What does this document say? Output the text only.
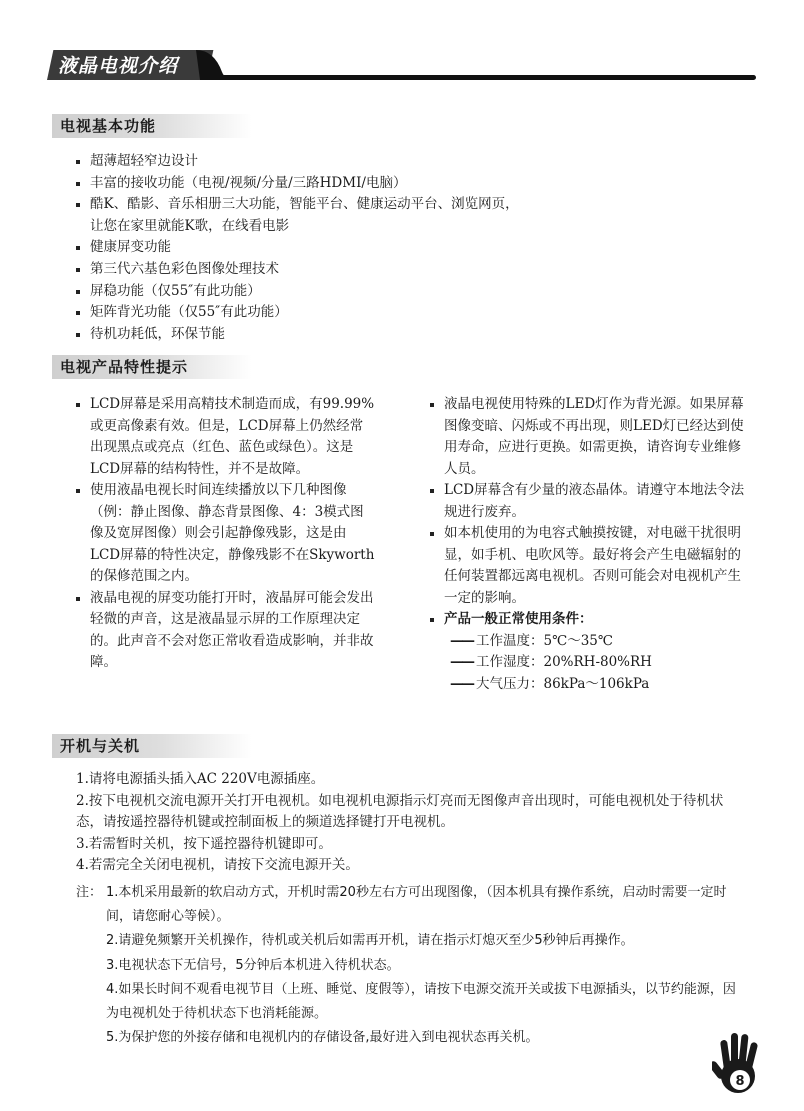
液晶电视介绍
电视基本功能
超薄超轻窄边设计
丰富的接收功能（电视/视频/分量/三路HDMI/电脑）
酷K、酷影、音乐相册三大功能，智能平台、健康运动平台、浏览网页，
让您在家里就能K歌，在线看电影
健康屏变功能
第三代六基色彩色图像处理技术
屏稳功能（仅55″有此功能）
矩阵背光功能（仅55″有此功能）
待机功耗低，环保节能
电视产品特性提示
LCD屏幕是采用高精技术制造而成，有99.99%或更高像素有效。但是，LCD屏幕上仍然经常出现黑点或亮点（红色、蓝色或绿色）。这是LCD屏幕的结构特性，并不是故障。
使用液晶电视长时间连续播放以下几种图像（例：静止图像、静态背景图像、4：3模式图像及宽屏图像）则会引起静像残影，这是由LCD屏幕的特性决定，静像残影不在Skyworth的保修范围之内。
液晶电视的屏变功能打开时，液晶屏可能会发出轻微的声音，这是液晶显示屏的工作原理决定的。此声音不会对您正常收看造成影响，并非故障。
液晶电视使用特殊的LED灯作为背光源。如果屏幕图像变暗、闪烁或不再出现，则LED灯已经达到使用寿命，应进行更换。如需更换，请咨询专业维修人员。
LCD屏幕含有少量的液态晶体。请遵守本地法令法规进行废弃。
如本机使用的为电容式触摸按键，对电磁干扰很明显，如手机、电吹风等。最好将会产生电磁辐射的任何装置都远离电视机。否则可能会对电视机产生一定的影响。
产品一般正常使用条件：
—— 工作温度：5℃～35℃
—— 工作湿度：20%RH-80%RH
—— 大气压力：86kPa～106kPa
开机与关机

1.请将电源插头插入AC 220V电源插座。

2.按下电视机交流电源开关打开电视机。如电视机电源指示灯亮而无图像声音出现时，可能电视机处于待机状态，请按遥控器待机键或控制面板上的频道选择键打开电视机。

3.若需暂时关机，按下遥控器待机键即可。

4.若需完全关闭电视机，请按下交流电源开关。

注： 1.本机采用最新的软启动方式，开机时需20秒左右方可出现图像，（因本机具有操作系统，启动时需要一定时间，请您耐心等候）。
2.请避免频繁开关机操作，待机或关机后如需再开机，请在指示灯熄灭至少5秒钟后再操作。
3.电视状态下无信号，5分钟后本机进入待机状态。
4.如果长时间不观看电视节目（上班、睡觉、度假等），请按下电源交流开关或拔下电源插头，以节约能源，因为电视机处于待机状态下也消耗能源。
5.为保护您的外接存储和电视机内的存储设备,最好进入到电视状态再关机。
8
